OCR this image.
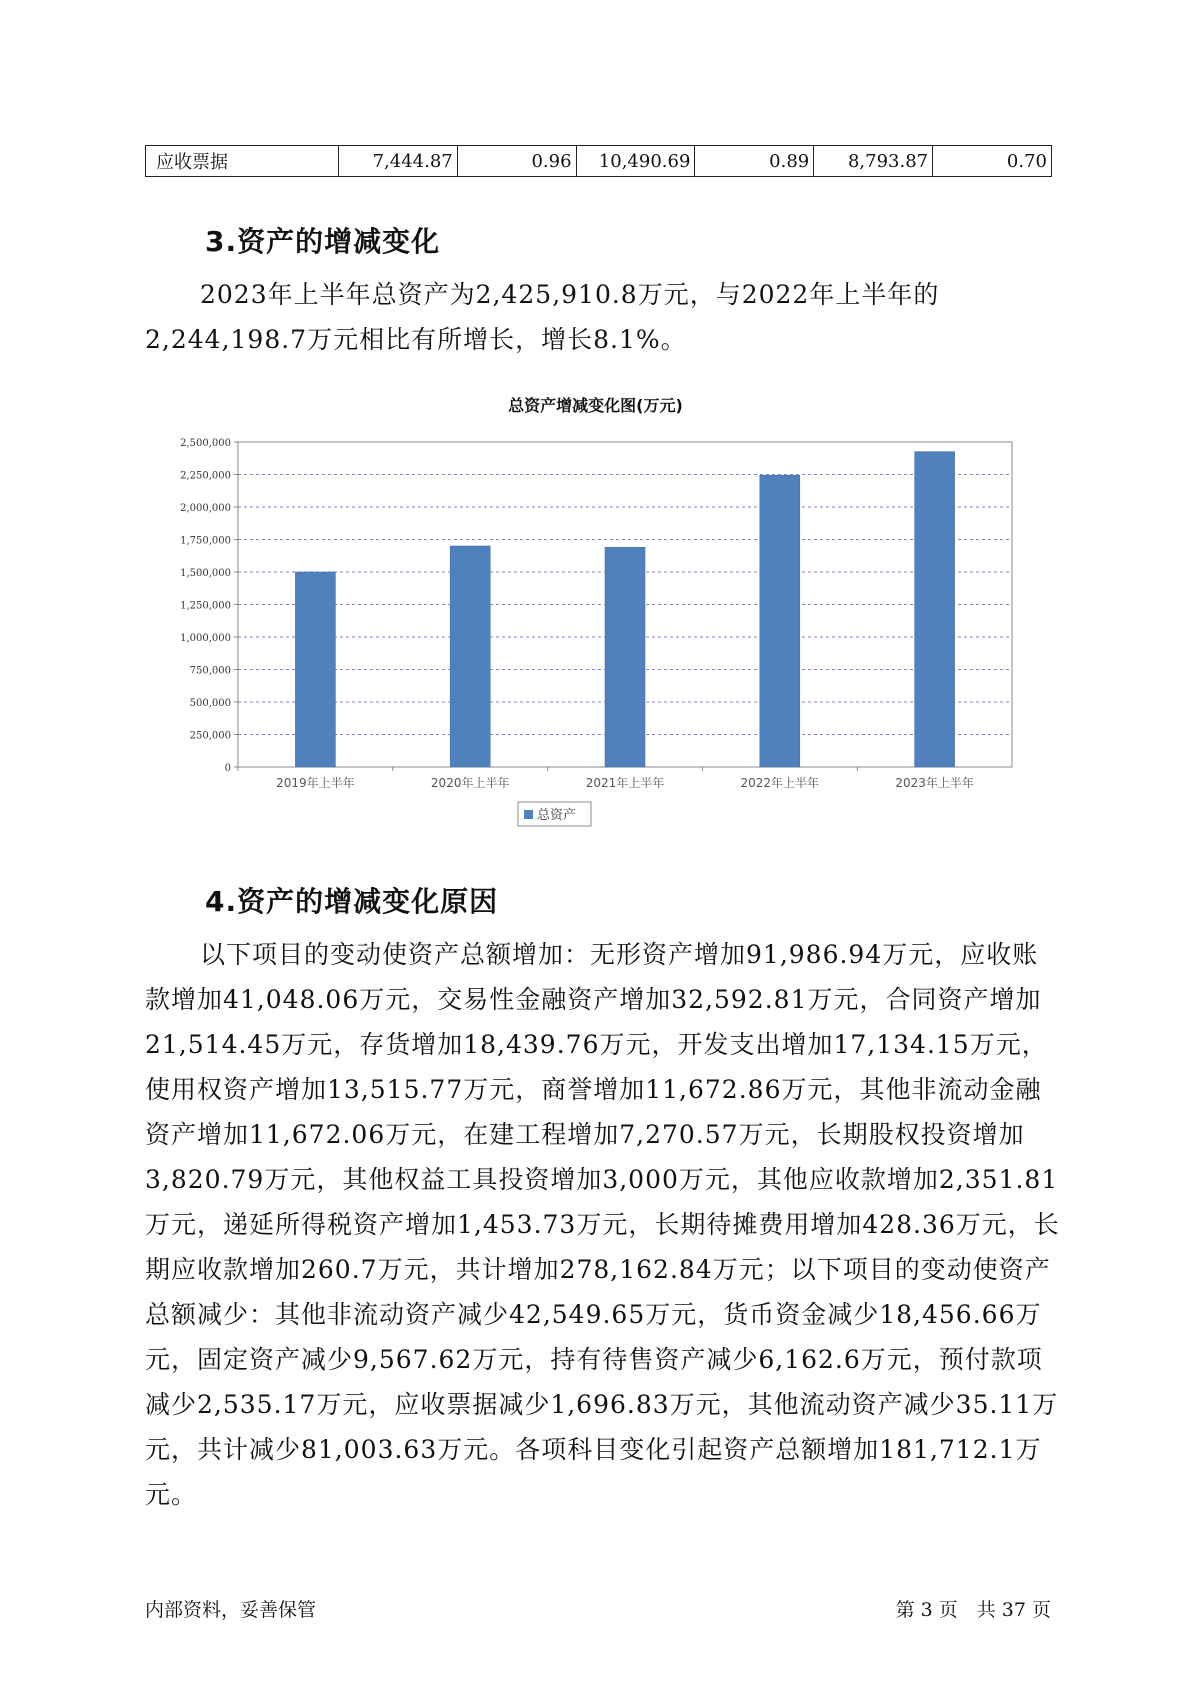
应收票据	7,444.87	0.96	10,490.69	0.89	8,793.87	0.70
3.资产的增减变化

2023年上半年总资产为2,425,910.8万元，与2022年上半年的2,244,198.7万元相比有所增长，增长8.1%。

总资产增减变化图(万元)
0
250,000
500,000
750,000
1,000,000
1,250,000
1,500,000
1,750,000
2,000,000
2,250,000
2,500,000
2019年上半年	2020年上半年	2021年上半年	2022年上半年	2023年上半年
总资产
4.资产的增减变化原因

以下项目的变动使资产总额增加：无形资产增加91,986.94万元，应收账款增加41,048.06万元，交易性金融资产增加32,592.81万元，合同资产增加21,514.45万元，存货增加18,439.76万元，开发支出增加17,134.15万元，使用权资产增加13,515.77万元，商誉增加11,672.86万元，其他非流动金融资产增加11,672.06万元，在建工程增加7,270.57万元，长期股权投资增加3,820.79万元，其他权益工具投资增加3,000万元，其他应收款增加2,351.81万元，递延所得税资产增加1,453.73万元，长期待摊费用增加428.36万元，长期应收款增加260.7万元，共计增加278,162.84万元；以下项目的变动使资产总额减少：其他非流动资产减少42,549.65万元，货币资金减少18,456.66万元，固定资产减少9,567.62万元，持有待售资产减少6,162.6万元，预付款项减少2,535.17万元，应收票据减少1,696.83万元，其他流动资产减少35.11万元，共计减少81,003.63万元。各项科目变化引起资产总额增加181,712.1万元。

内部资料，妥善保管	第 3 页　共 37 页
